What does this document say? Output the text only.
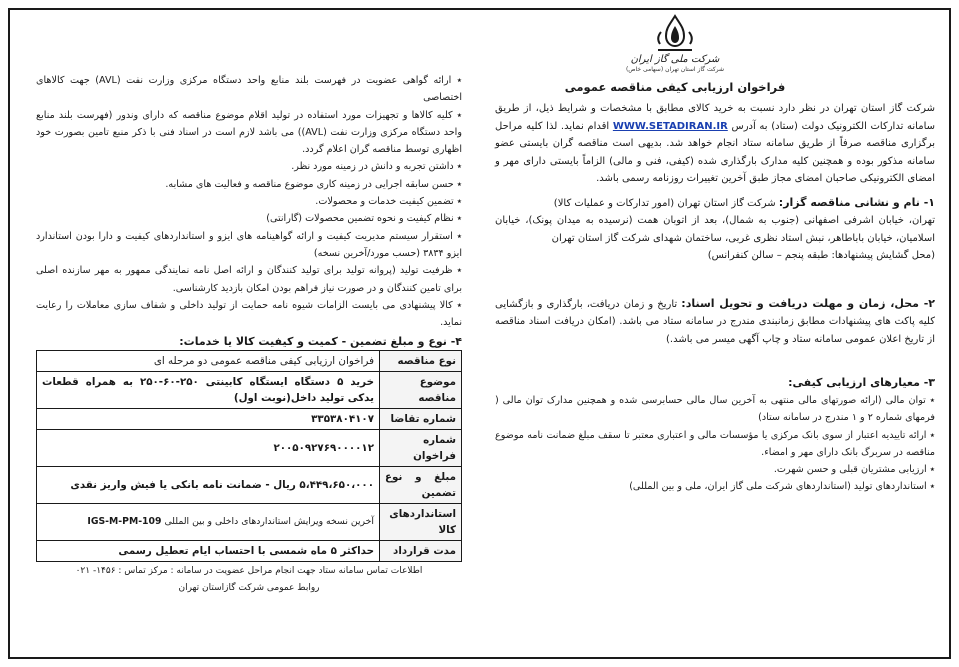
شرکت ملی گاز ایران
شرکت گاز استان تهران (سهامی خاص)
فراخوان ارزیابی کیفی مناقصه عمومی

شرکت گاز استان تهران در نظر دارد نسبت به خرید کالای مطابق با مشخصات و شرایط ذیل، از طریق سامانه تدارکات الکترونیک دولت (ستاد) به آدرس WWW.SETADIRAN.IR اقدام نماید. لذا کلیه مراحل برگزاری مناقصه صرفاً از طریق سامانه ستاد انجام خواهد شد. بدیهی است مناقصه گران بایستی عضو سامانه مذکور بوده و همچنین کلیه مدارک بارگذاری شده (کیفی، فنی و مالی) الزاماً بایستی دارای مهر و امضای الکترونیکی صاحبان امضای مجاز طبق آخرین تغییرات روزنامه رسمی باشد.

۱- نام و نشانی مناقصه گزار: شرکت گاز استان تهران (امور تدارکات و عملیات کالا)

تهران، خیابان اشرفی اصفهانی (جنوب به شمال)، بعد از اتوبان همت (نرسیده به میدان پونک)، خیابان اسلامیان، خیابان باباطاهر، نبش استاد نظری غربی، ساختمان شهدای شرکت گاز استان تهران

(محل گشایش پیشنهادها: طبقه پنجم – سالن کنفرانس)

۲- محل، زمان و مهلت دریافت و تحویل اسناد: تاریخ و زمان دریافت، بارگذاری و بازگشایی کلیه پاکت های پیشنهادات مطابق زمانبندی مندرج در سامانه ستاد می باشد. (امکان دریافت اسناد مناقصه از تاریخ اعلان عمومی سامانه ستاد و چاپ آگهی میسر می باشد.)

۳- معیارهای ارزیابی کیفی:
٭ توان مالی (ارائه صورتهای مالی منتهی به آخرین سال مالی حسابرسی شده و همچنین مدارک توان مالی ( فرمهای شماره ۲ و ۱ مندرج در سامانه ستاد)
٭ ارائه تاییدیه اعتبار از سوی بانک مرکزی یا مؤسسات مالی و اعتباری معتبر تا سقف مبلغ ضمانت نامه موضوع مناقصه در سربرگ بانک دارای مهر و امضاء.
٭ ارزیابی مشتریان قبلی و حسن شهرت.
٭ استانداردهای تولید (استانداردهای شرکت ملی گاز ایران، ملی و بین المللی)
٭ ارائه گواهی عضویت در فهرست بلند منابع واحد دستگاه مرکزی وزارت نفت (AVL) جهت کالاهای اختصاصی
٭ کلیه کالاها و تجهیزات مورد استفاده در تولید اقلام موضوع مناقصه که دارای وندور (فهرست بلند منابع واحد دستگاه مرکزی وزارت نفت (AVL)) می باشد لازم است در اسناد فنی با ذکر منبع تامین بصورت خود اظهاری توسط مناقصه گران اعلام گردد.
٭ داشتن تجربه و دانش در زمینه مورد نظر.
٭ حسن سابقه اجرایی در زمینه کاری موضوع مناقصه و فعالیت های مشابه.
٭ تضمین کیفیت خدمات و محصولات.
٭ نظام کیفیت و نحوه تضمین محصولات (گارانتی)
٭ استقرار سیستم مدیریت کیفیت و ارائه گواهینامه های ایزو و استانداردهای کیفیت و دارا بودن استاندارد ایزو ۳۸۳۴ (حسب مورد/آخرین نسخه)
٭ ظرفیت تولید (پروانه تولید برای تولید کنندگان و ارائه اصل نامه نمایندگی ممهور به مهر سازنده اصلی برای تامین کنندگان و در صورت نیاز فراهم بودن امکان بازدید کارشناسی.
٭ کالا پیشنهادی می بایست الزامات شیوه نامه حمایت از تولید داخلی و شفاف سازی معاملات را رعایت نماید.
۴- نوع و مبلغ تضمین - کمیت و کیفیت کالا یا خدمات:
نوع مناقصه	فراخوان ارزیابی کیفی مناقصه عمومی دو مرحله ای
موضوع مناقصه	خرید ۵ دستگاه ایستگاه کابینتی ۲۵۰-۶۰-۲۵۰ به همراه قطعات یدکی تولید داخل(نوبت اول)
شماره تقاضا	۳۳۵۳۸۰۴۱۰۷
شماره فراخوان	۲۰۰۵۰۹۲۷۶۹۰۰۰۰۱۲
مبلغ و نوع تضمین	۵،۴۴۹،۶۵۰،۰۰۰ ریال - ضمانت نامه بانکی یا فیش واریز نقدی
استانداردهای کالا	آخرین نسخه ویرایش استانداردهای داخلی و بین المللی IGS-M-PM-109
مدت قرارداد	حداکثر ۵ ماه شمسی با احتساب ایام تعطیل رسمی
اطلاعات تماس سامانه ستاد جهت انجام مراحل عضویت در سامانه : مرکز تماس : ۱۴۵۶- ۰۲۱
روابط عمومی شرکت گازاستان تهران
